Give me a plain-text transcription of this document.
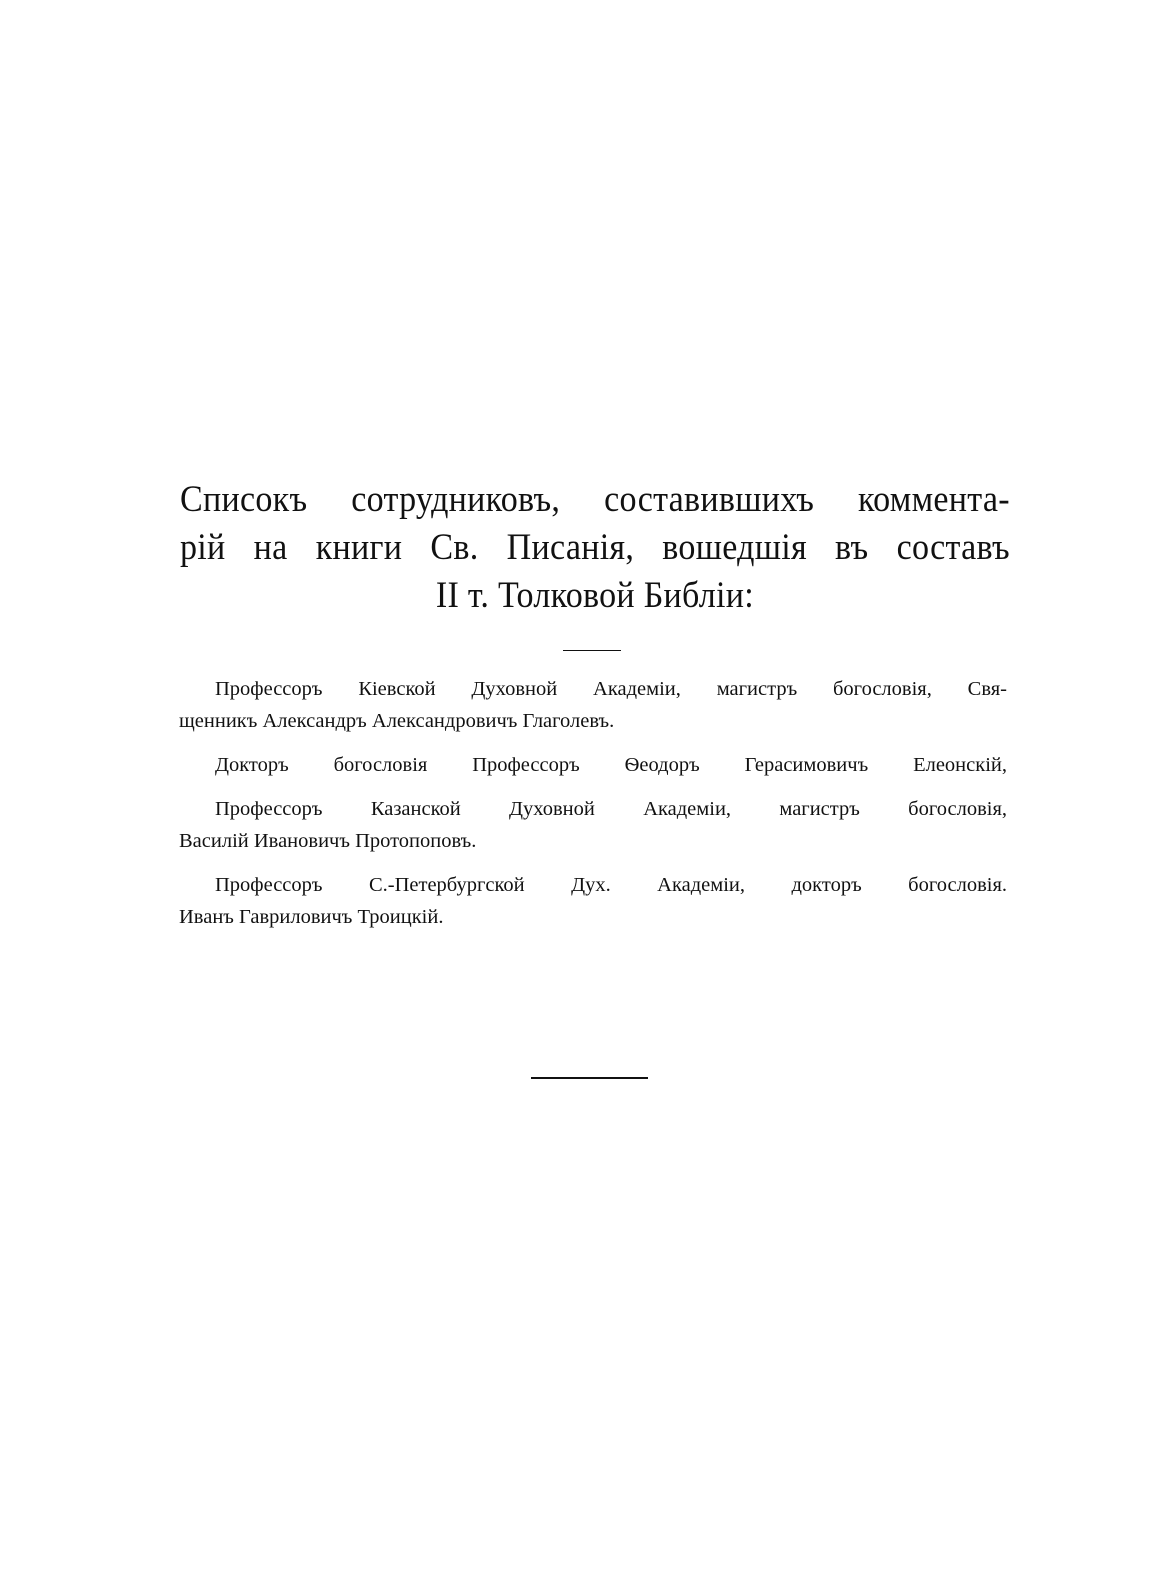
Списокъ сотрудниковъ, составившихъ коммента-
рій на книги Св. Писанія, вошедшія въ составъ
II т. Толковой Библіи:
Профессоръ Кіевской Духовной Академіи, магистръ богословія, Свя-
щенникъ Александръ Александровичъ Глаголевъ.
Докторъ богословія Профессоръ Ѳеодоръ Герасимовичъ Елеонскій,
Профессоръ Казанской Духовной Академіи, магистръ богословія,
Василій Ивановичъ Протопоповъ.
Профессоръ С.-Петербургской Дух. Академіи, докторъ богословія.
Иванъ Гавриловичъ Троицкій.
